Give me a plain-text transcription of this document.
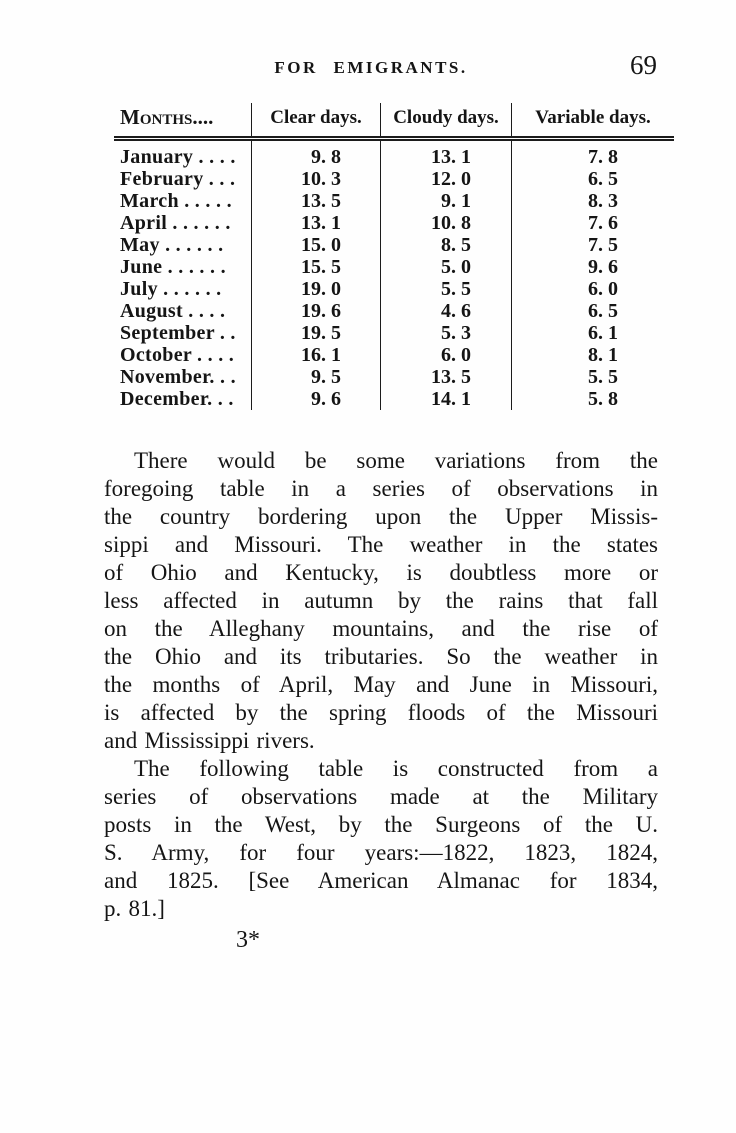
FOR EMIGRANTS.	69
Months....	Clear days.	Cloudy days.	Variable days.
January . . . .	9. 8	13. 1	7. 8
February . . .	10. 3	12. 0	6. 5
March . . . . .	13. 5	9. 1	8. 3
April . . . . . .	13. 1	10. 8	7. 6
May . . . . . .	15. 0	8. 5	7. 5
June . . . . . .	15. 5	5. 0	9. 6
July . . . . . .	19. 0	5. 5	6. 0
August . . . .	19. 6	4. 6	6. 5
September . .	19. 5	5. 3	6. 1
October . . . .	16. 1	6. 0	8. 1
November. . .	9. 5	13. 5	5. 5
December. . .	9. 6	14. 1	5. 8
There would be some variations from the
foregoing table in a series of observations in
the country bordering upon the Upper Missis-
sippi and Missouri. The weather in the states
of Ohio and Kentucky, is doubtless more or
less affected in autumn by the rains that fall
on the Alleghany mountains, and the rise of
the Ohio and its tributaries. So the weather in
the months of April, May and June in Missouri,
is affected by the spring floods of the Missouri
and Mississippi rivers.
The following table is constructed from a
series of observations made at the Military
posts in the West, by the Surgeons of the U.
S. Army, for four years:—1822, 1823, 1824,
and 1825. [See American Almanac for 1834,
p. 81.]
3*
